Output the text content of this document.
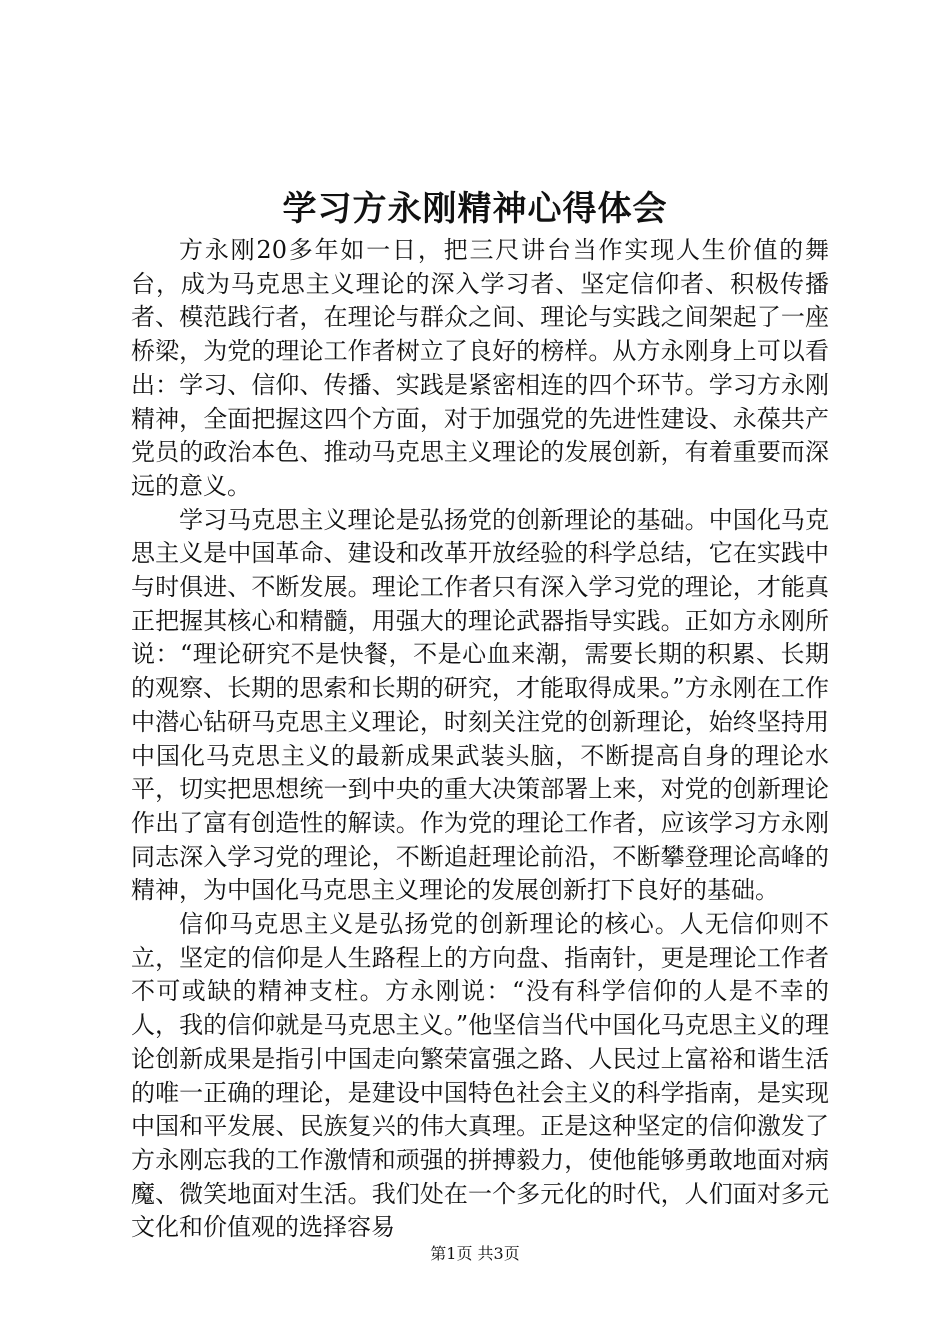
学习方永刚精神心得体会

方永刚20多年如一日，把三尺讲台当作实现人生价值的舞台，成为马克思主义理论的深入学习者、坚定信仰者、积极传播者、模范践行者，在理论与群众之间、理论与实践之间架起了一座桥梁，为党的理论工作者树立了良好的榜样。从方永刚身上可以看出：学习、信仰、传播、实践是紧密相连的四个环节。学习方永刚精神，全面把握这四个方面，对于加强党的先进性建设、永葆共产党员的政治本色、推动马克思主义理论的发展创新，有着重要而深远的意义。

学习马克思主义理论是弘扬党的创新理论的基础。中国化马克思主义是中国革命、建设和改革开放经验的科学总结，它在实践中与时俱进、不断发展。理论工作者只有深入学习党的理论，才能真正把握其核心和精髓，用强大的理论武器指导实践。正如方永刚所说：“理论研究不是快餐，不是心血来潮，需要长期的积累、长期的观察、长期的思索和长期的研究，才能取得成果。”方永刚在工作中潜心钻研马克思主义理论，时刻关注党的创新理论，始终坚持用中国化马克思主义的最新成果武装头脑，不断提高自身的理论水平，切实把思想统一到中央的重大决策部署上来，对党的创新理论作出了富有创造性的解读。作为党的理论工作者，应该学习方永刚同志深入学习党的理论，不断追赶理论前沿，不断攀登理论高峰的精神，为中国化马克思主义理论的发展创新打下良好的基础。

信仰马克思主义是弘扬党的创新理论的核心。人无信仰则不立，坚定的信仰是人生路程上的方向盘、指南针，更是理论工作者不可或缺的精神支柱。方永刚说：“没有科学信仰的人是不幸的人，我的信仰就是马克思主义。”他坚信当代中国化马克思主义的理论创新成果是指引中国走向繁荣富强之路、人民过上富裕和谐生活的唯一正确的理论，是建设中国特色社会主义的科学指南，是实现中国和平发展、民族复兴的伟大真理。正是这种坚定的信仰激发了方永刚忘我的工作激情和顽强的拼搏毅力，使他能够勇敢地面对病魔、微笑地面对生活。我们处在一个多元化的时代，人们面对多元文化和价值观的选择容易

第1页 共3页
